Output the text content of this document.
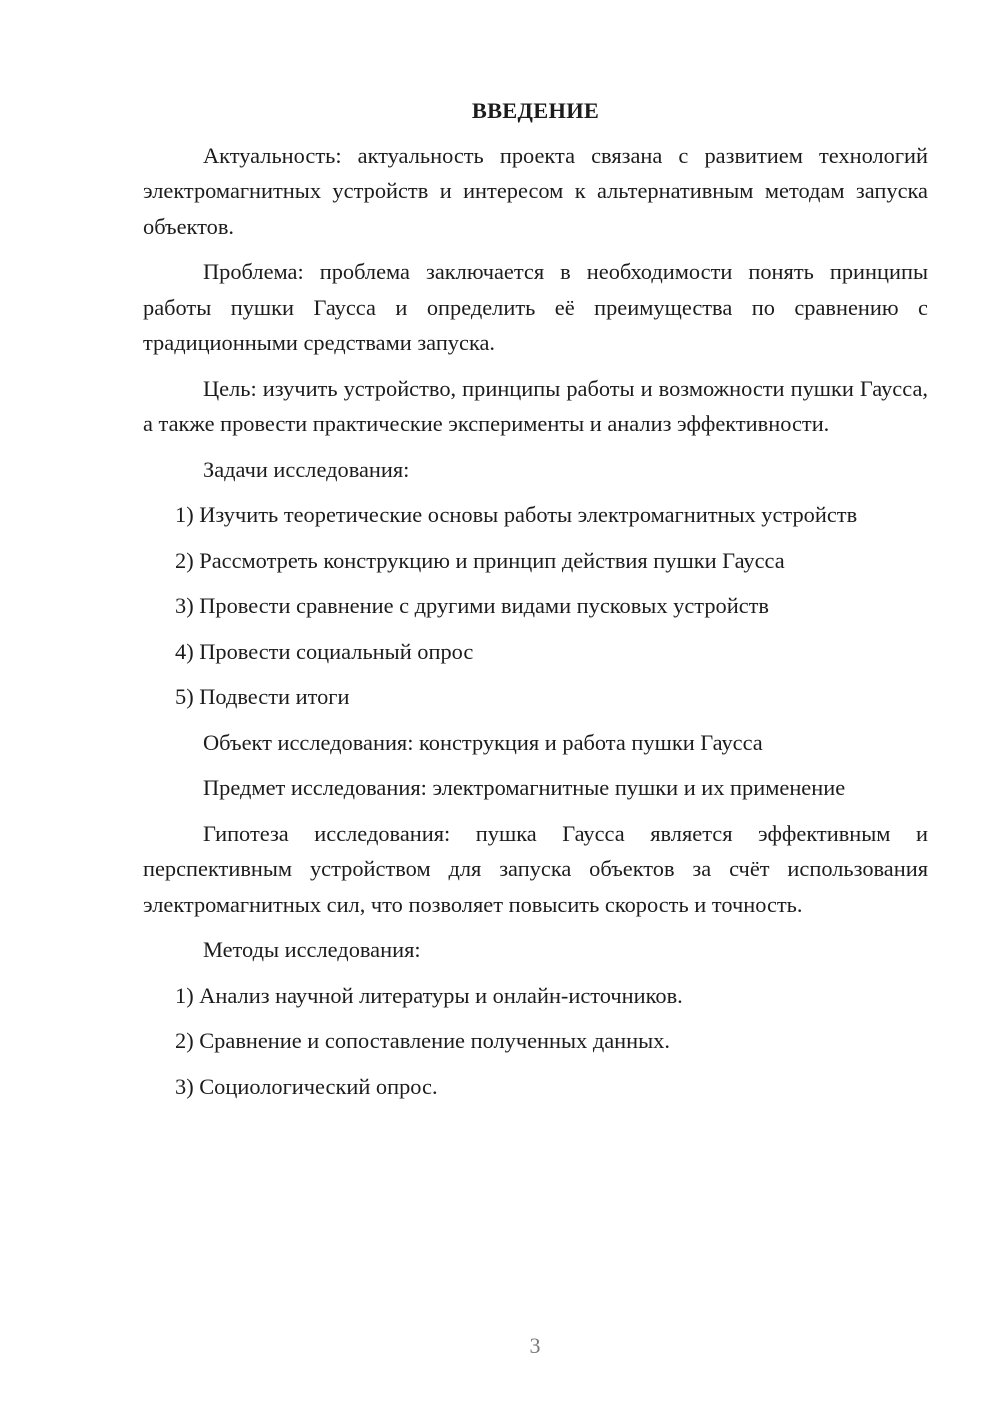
ВВЕДЕНИЕ

Актуальность: актуальность проекта связана с развитием технологий электромагнитных устройств и интересом к альтернативным методам запуска объектов.

Проблема: проблема заключается в необходимости понять принципы работы пушки Гаусса и определить её преимущества по сравнению с традиционными средствами запуска.

Цель: изучить устройство, принципы работы и возможности пушки Гаусса, а также провести практические эксперименты и анализ эффективности.

Задачи исследования:

1) Изучить теоретические основы работы электромагнитных устройств

2) Рассмотреть конструкцию и принцип действия пушки Гаусса

3) Провести сравнение с другими видами пусковых устройств

4) Провести социальный опрос

5) Подвести итоги

Объект исследования: конструкция и работа пушки Гаусса

Предмет исследования: электромагнитные пушки и их применение

Гипотеза исследования: пушка Гаусса является эффективным и перспективным устройством для запуска объектов за счёт использования электромагнитных сил, что позволяет повысить скорость и точность.

Методы исследования:

1) Анализ научной литературы и онлайн-источников.

2) Сравнение и сопоставление полученных данных.

3) Социологический опрос.

3
